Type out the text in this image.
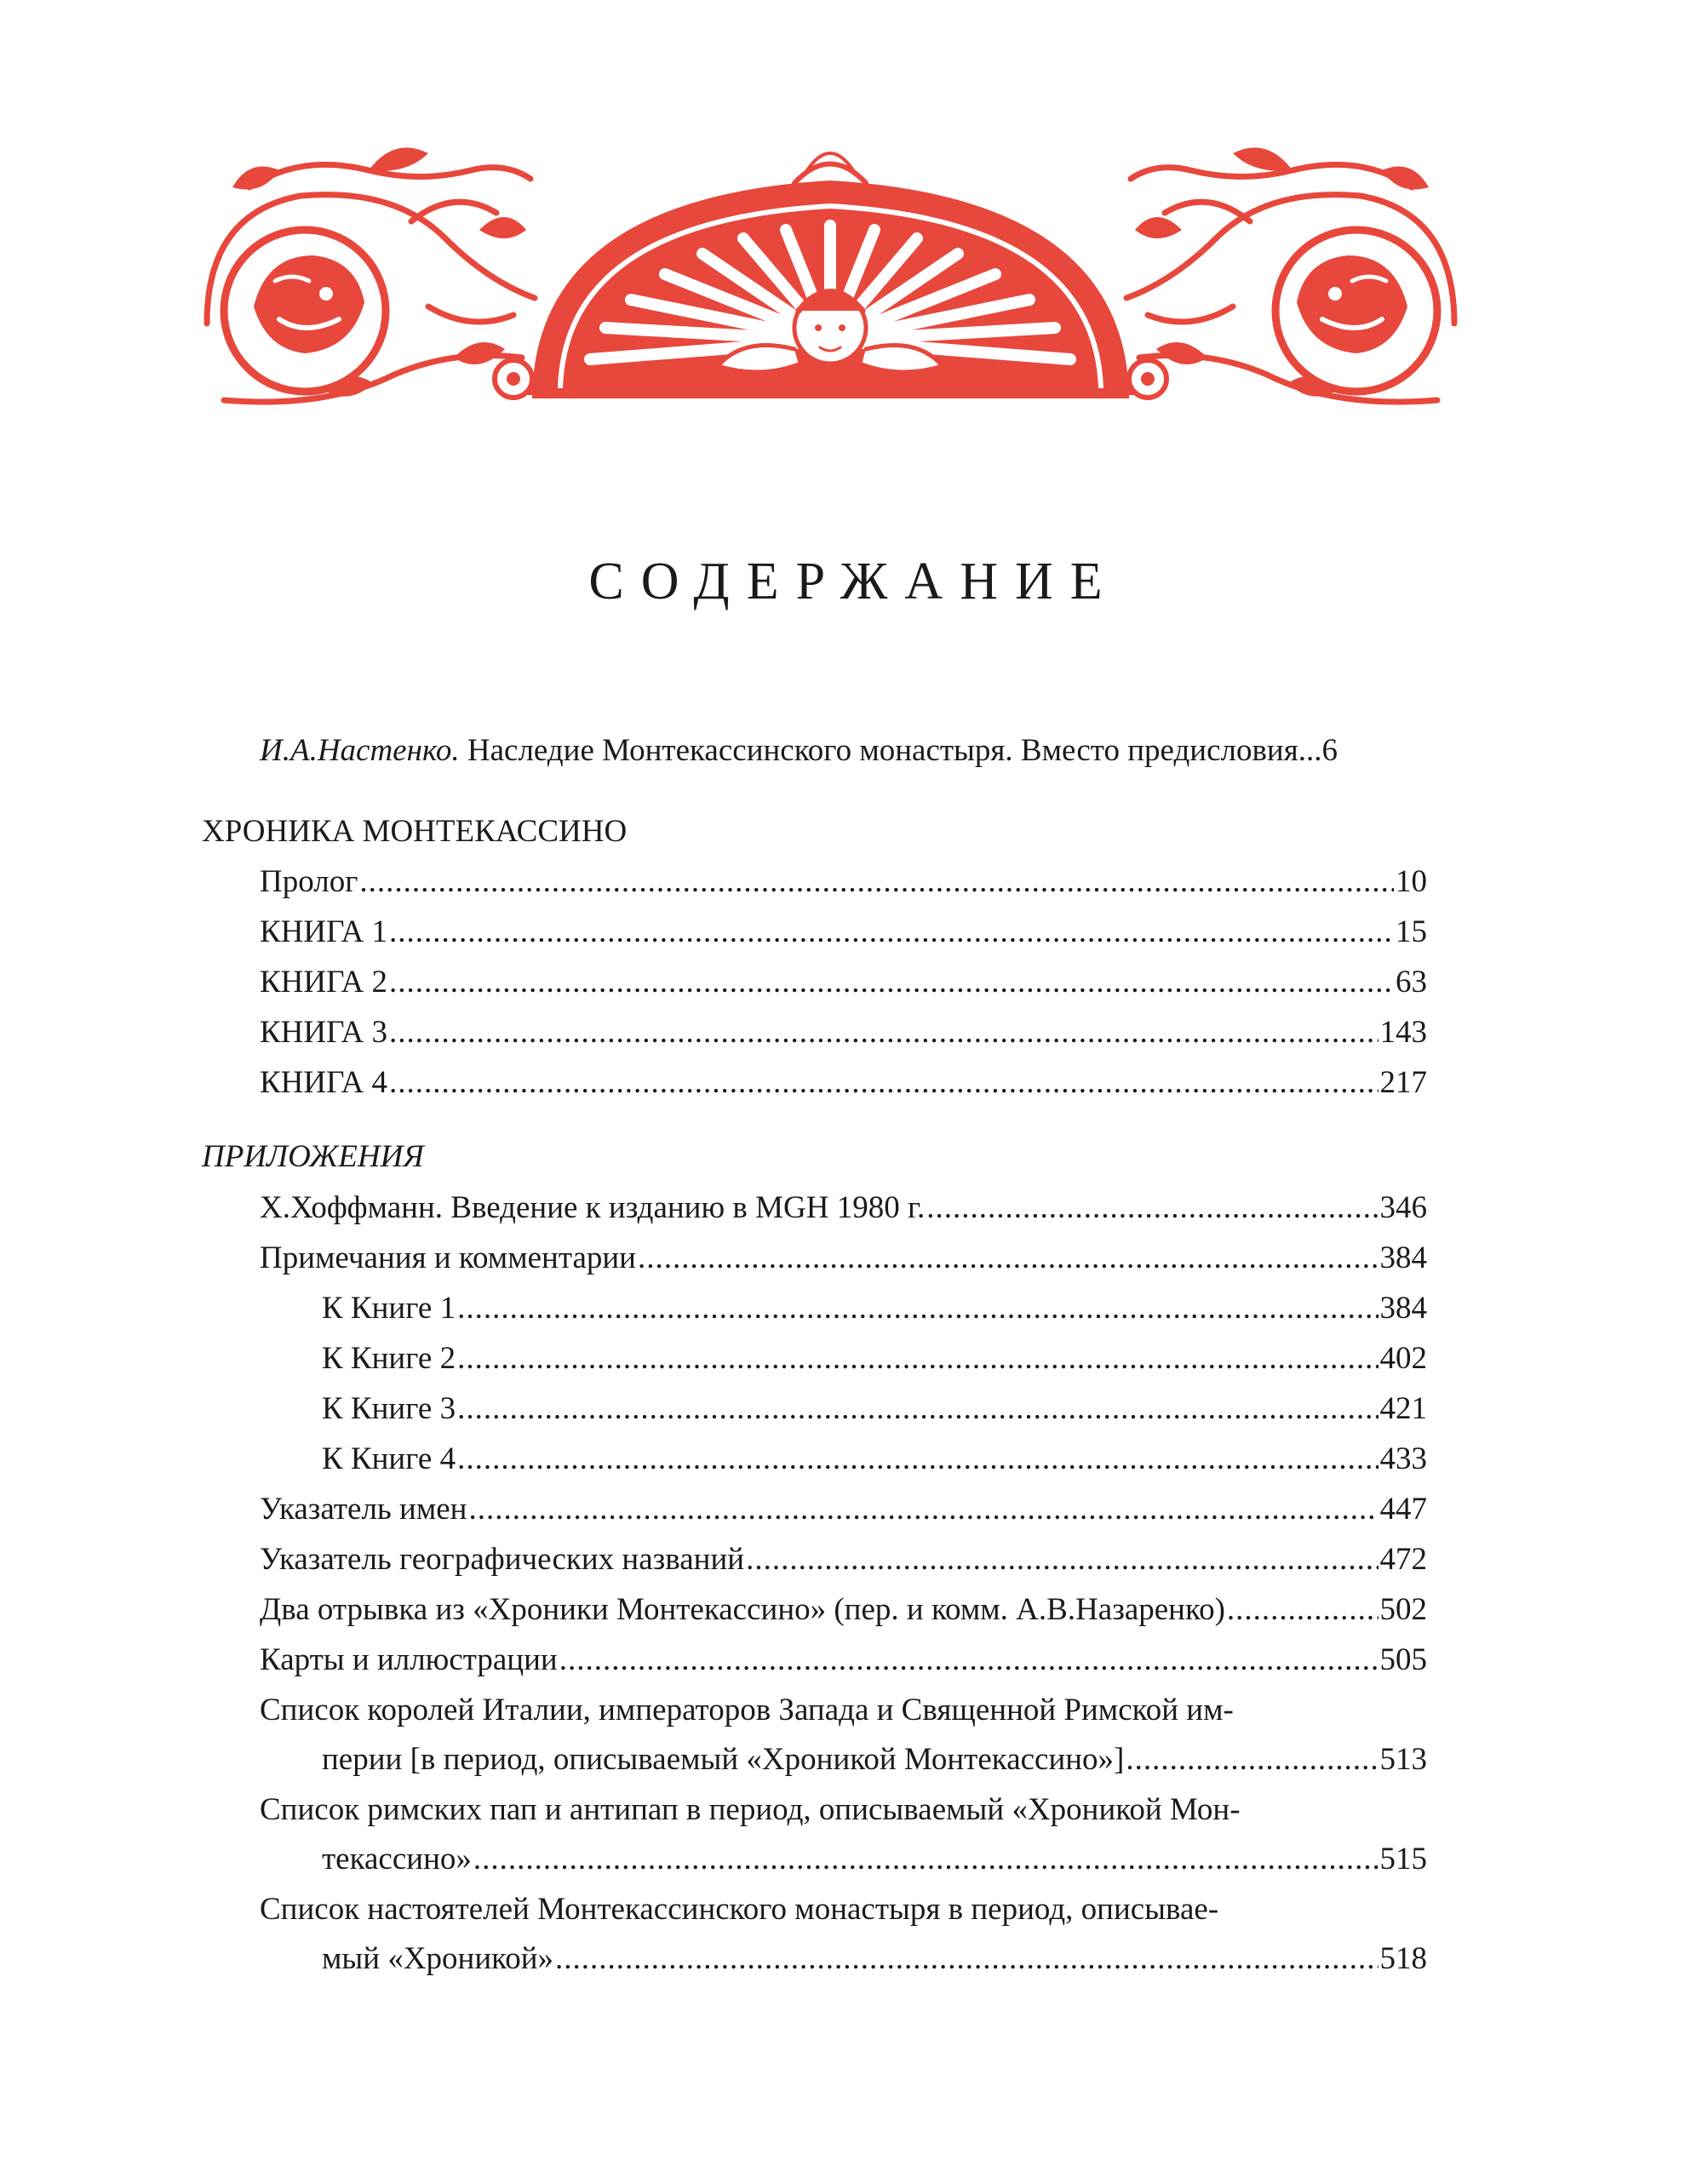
СОДЕРЖАНИЕ
И.А.Настенко. Наследие Монтекассинского монастыря. Вместо предисловия...6
ХРОНИКА МОНТЕКАССИНО
Пролог .....	10
КНИГА 1 .....	15
КНИГА 2 .....	63
КНИГА 3 .....	143
КНИГА 4 .....	217
ПРИЛОЖЕНИЯ
Х.Хоффманн. Введение к изданию в MGH 1980 г. .....	346
Примечания и комментарии .....	384
К Книге 1 .....	384
К Книге 2 .....	402
К Книге 3 .....	421
К Книге 4 .....	433
Указатель имен .....	447
Указатель географических названий .....	472
Два отрывка из «Хроники Монтекассино» (пер. и комм. А.В.Назаренко) .....	502
Карты и иллюстрации .....	505
Список королей Италии, императоров Запада и Священной Римской им-
перии [в период, описываемый «Хроникой Монтекассино»] .....	513
Список римских пап и антипап в период, описываемый «Хроникой Мон-
текассино» .....	515
Список настоятелей Монтекассинского монастыря в период, описывае-
мый «Хроникой» .....	518
